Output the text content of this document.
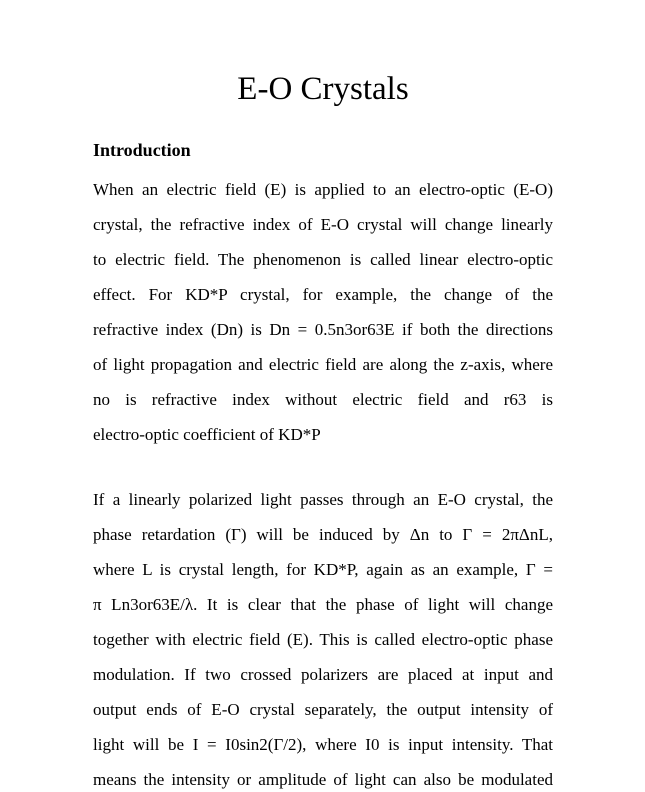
E-O Crystals
Introduction
When an electric field (E) is applied to an electro-optic (E-O)
crystal, the refractive index of E-O crystal will change linearly
to electric field. The phenomenon is called linear electro-optic
effect. For KD*P crystal, for example, the change of the
refractive index (Dn) is Dn = 0.5n3or63E if both the directions
of light propagation and electric field are along the z-axis, where
no is refractive index without electric field and r63 is
electro-optic coefficient of KD*P
If a linearly polarized light passes through an E-O crystal, the
phase retardation (Γ) will be induced by Δn to Γ = 2πΔnL,
where L is crystal length, for KD*P, again as an example, Γ =
π Ln3or63E/λ. It is clear that the phase of light will change
together with electric field (E). This is called electro-optic phase
modulation. If two crossed polarizers are placed at input and
output ends of E-O crystal separately, the output intensity of
light will be I = I0sin2(Γ/2), where I0 is input intensity. That
means the intensity or amplitude of light can also be modulated
